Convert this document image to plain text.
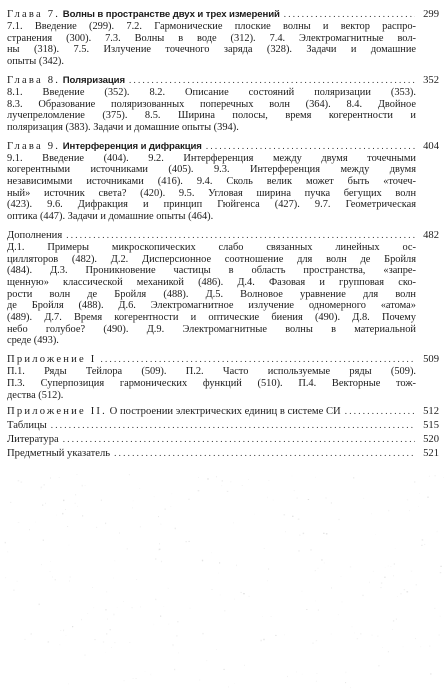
Глава 7. Волны в пространстве двух и трех измерений . . .	299
7.1. Введение (299). 7.2. Гармонические плоские волны и вектор распро-
странения (300). 7.3. Волны в воде (312). 7.4. Электромагнитные вол-
ны (318). 7.5. Излучение точечного заряда (328). Задачи и домашние
опыты (342).
Глава 8. Поляризация . . .	352
8.1. Введение (352). 8.2. Описание состояний поляризации (353).
8.3. Образование поляризованных поперечных волн (364). 8.4. Двойное
лучепреломление (375). 8.5. Ширина полосы, время когерентности и
поляризация (383). Задачи и домашние опыты (394).
Глава 9. Интерференция и дифракция . . .	404
9.1. Введение (404). 9.2. Интерференция между двумя точечными
когерентными источниками (405). 9.3. Интерференция между двумя
независимыми источниками (416). 9.4. Сколь велик может быть «точеч-
ный» источник света? (420). 9.5. Угловая ширина пучка бегущих волн
(423). 9.6. Дифракция и принцип Гюйгенса (427). 9.7. Геометрическая
оптика (447). Задачи и домашние опыты (464).
Дополнения . . .	482
Д.1. Примеры микроскопических слабо связанных линейных ос-
цилляторов (482). Д.2. Дисперсионное соотношение для волн де Бройля
(484). Д.3. Проникновение частицы в область пространства, «запре-
щенную» классической механикой (486). Д.4. Фазовая и групповая ско-
рости волн де Бройля (488). Д.5. Волновое уравнение для волн
де Бройля (488). Д.6. Электромагнитное излучение одномерного «атома»
(489). Д.7. Время когерентности и оптические биения (490). Д.8. Почему
небо голубое? (490). Д.9. Электромагнитные волны в материальной
среде (493).
Приложение I . . .	509
П.1. Ряды Тейлора (509). П.2. Часто используемые ряды (509).
П.3. Суперпозиция гармонических функций (510). П.4. Векторные тож-
дества (512).
Приложение II. О построении электрических единиц в системе СИ . . .	512
Таблицы . . .	515
Литература . . .	520
Предметный указатель . . .	521
